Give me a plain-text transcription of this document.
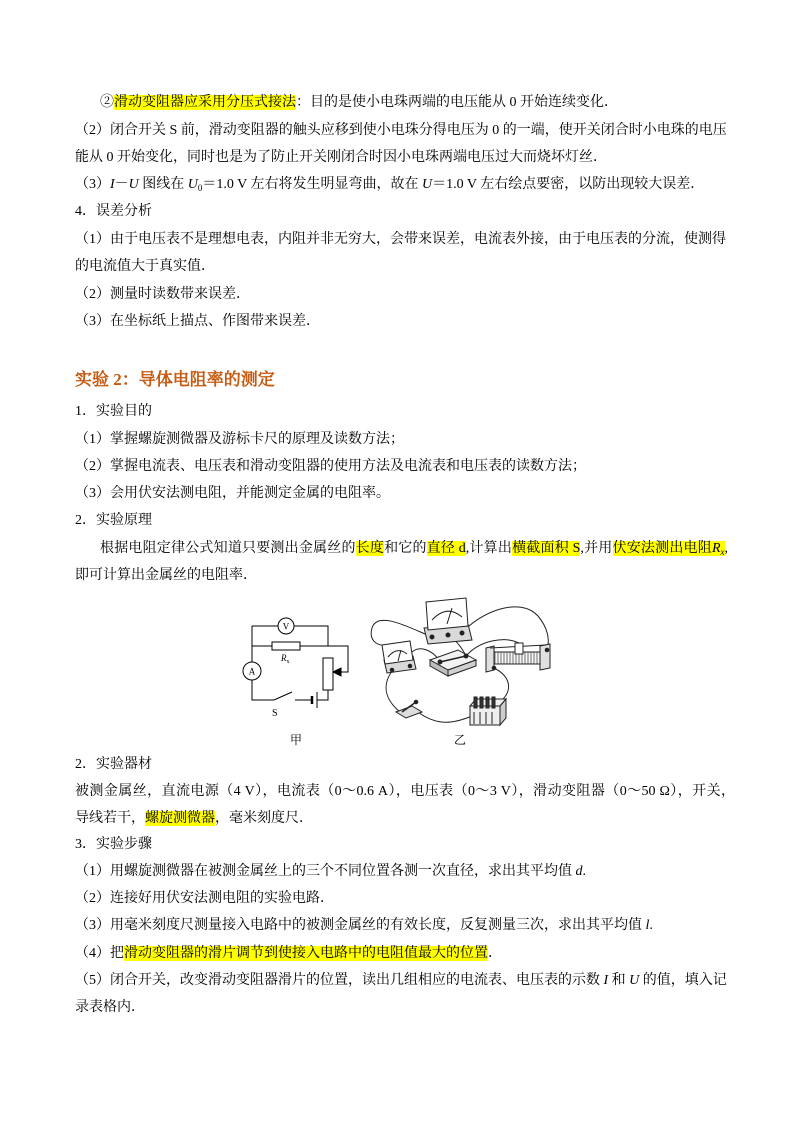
②滑动变阻器应采用分压式接法：目的是使小电珠两端的电压能从 0 开始连续变化．
（2）闭合开关 S 前，滑动变阻器的触头应移到使小电珠分得电压为 0 的一端，使开关闭合时小电珠的电压
能从 0 开始变化，同时也是为了防止开关刚闭合时因小电珠两端电压过大而烧坏灯丝．
（3）I－U 图线在 $U_0=1.0$ V 左右将发生明显弯曲，故在 U＝1.0 V 左右绘点要密，以防出现较大误差．
4．误差分析
（1）由于电压表不是理想电表，内阻并非无穷大，会带来误差，电流表外接，由于电压表的分流，使测得
的电流值大于真实值．
（2）测量时读数带来误差．
（3）在坐标纸上描点、作图带来误差．
实验 2：导体电阻率的测定
1．实验目的
（1）掌握螺旋测微器及游标卡尺的原理及读数方法；
（2）掌握电流表、电压表和滑动变阻器的使用方法及电流表和电压表的读数方法；
（3）会用伏安法测电阻，并能测定金属的电阻率。
2．实验原理
根据电阻定律公式知道只要测出金属丝的长度和它的直径 d,计算出横截面积 S,并用伏安法测出电阻$R_x$,
即可计算出金属丝的电阻率．
V
A
$R_x$
S
甲	乙
2．实验器材
被测金属丝，直流电源（4 V），电流表（0～0.6 A），电压表（0～3 V），滑动变阻器（0～50 Ω），开关，
导线若干，螺旋测微器，毫米刻度尺．
3．实验步骤
（1）用螺旋测微器在被测金属丝上的三个不同位置各测一次直径，求出其平均值 d.
（2）连接好用伏安法测电阻的实验电路．
（3）用毫米刻度尺测量接入电路中的被测金属丝的有效长度，反复测量三次，求出其平均值 l.
（4）把滑动变阻器的滑片调节到使接入电路中的电阻值最大的位置．
（5）闭合开关，改变滑动变阻器滑片的位置，读出几组相应的电流表、电压表的示数 I 和 U 的值，填入记
录表格内．
